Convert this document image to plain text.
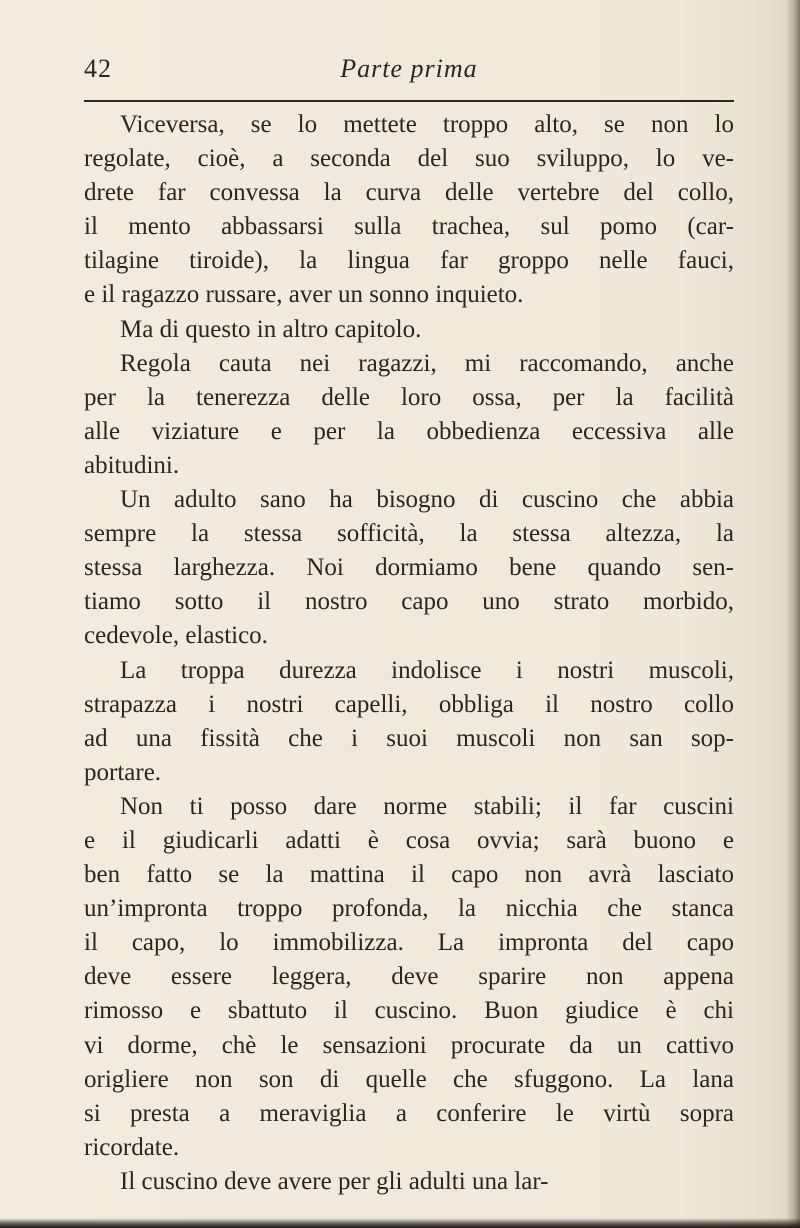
42	Parte prima
Viceversa, se lo mettete troppo alto, se non lo
regolate, cioè, a seconda del suo sviluppo, lo ve-
drete far convessa la curva delle vertebre del collo,
il mento abbassarsi sulla trachea, sul pomo (car-
tilagine tiroide), la lingua far groppo nelle fauci,
e il ragazzo russare, aver un sonno inquieto.
Ma di questo in altro capitolo.
Regola cauta nei ragazzi, mi raccomando, anche
per la tenerezza delle loro ossa, per la facilità
alle viziature e per la obbedienza eccessiva alle
abitudini.
Un adulto sano ha bisogno di cuscino che abbia
sempre la stessa sofficità, la stessa altezza, la
stessa larghezza. Noi dormiamo bene quando sen-
tiamo sotto il nostro capo uno strato morbido,
cedevole, elastico.
La troppa durezza indolisce i nostri muscoli,
strapazza i nostri capelli, obbliga il nostro collo
ad una fissità che i suoi muscoli non san sop-
portare.
Non ti posso dare norme stabili; il far cuscini
e il giudicarli adatti è cosa ovvia; sarà buono e
ben fatto se la mattina il capo non avrà lasciato
un’impronta troppo profonda, la nicchia che stanca
il capo, lo immobilizza. La impronta del capo
deve essere leggera, deve sparire non appena
rimosso e sbattuto il cuscino. Buon giudice è chi
vi dorme, chè le sensazioni procurate da un cattivo
origliere non son di quelle che sfuggono. La lana
si presta a meraviglia a conferire le virtù sopra
ricordate.
Il cuscino deve avere per gli adulti una lar-
